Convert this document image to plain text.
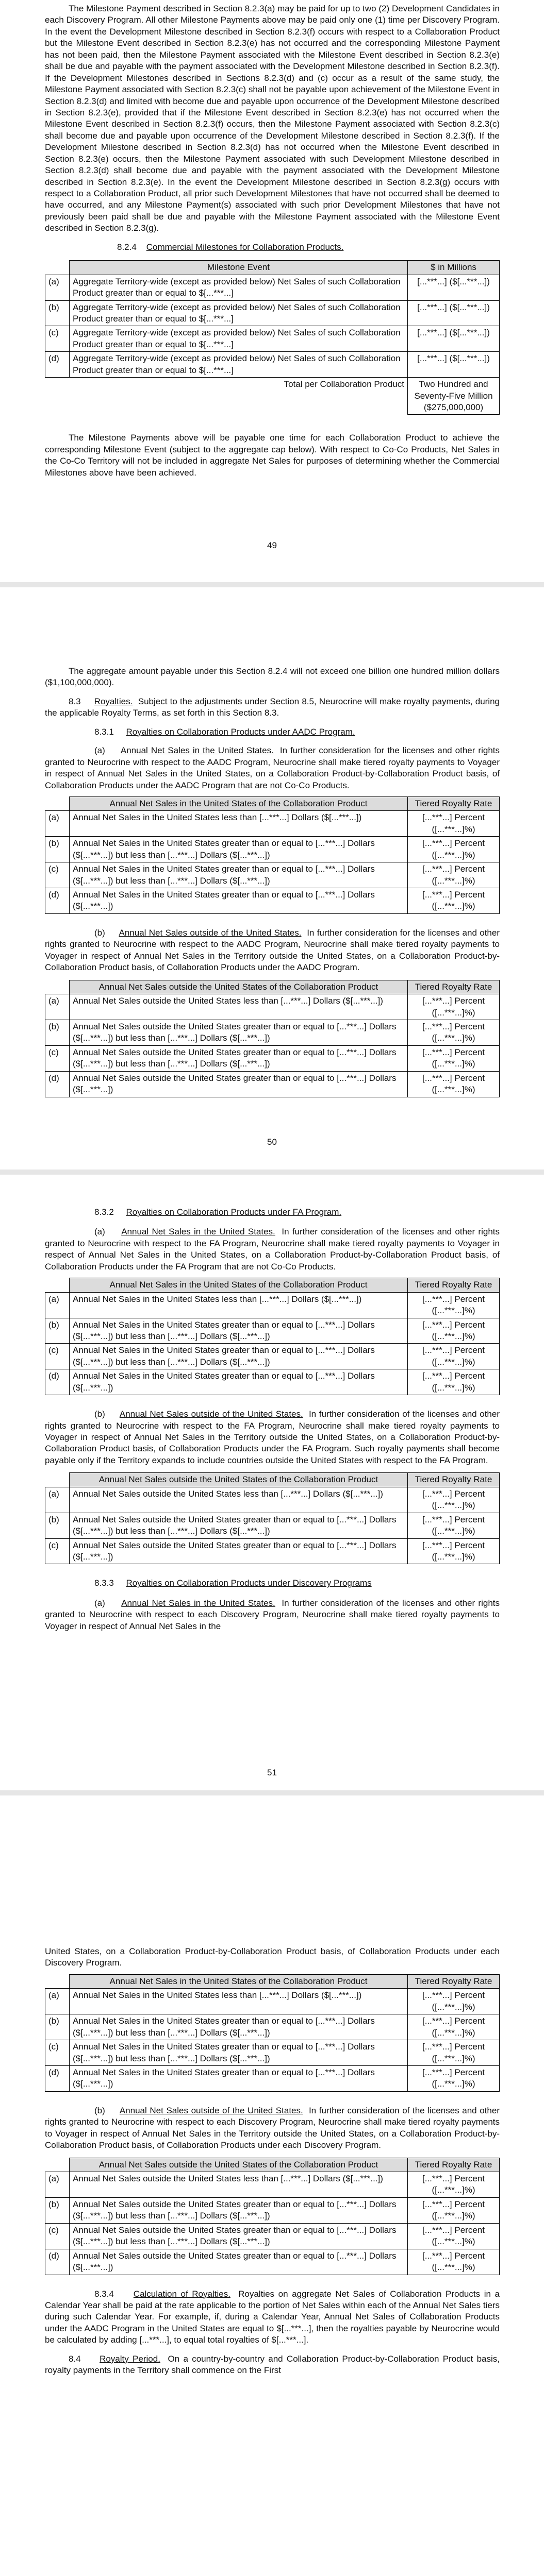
The Milestone Payment described in Section 8.2.3(a) may be paid for up to two (2) Development Candidates in each Discovery Program. All other Milestone Payments above may be paid only one (1) time per Discovery Program. In the event the Development Milestone described in Section 8.2.3(f) occurs with respect to a Collaboration Product but the Milestone Event described in Section 8.2.3(e) has not occurred and the corresponding Milestone Payment has not been paid, then the Milestone Payment associated with the Milestone Event described in Section 8.2.3(e) shall be due and payable with the payment associated with the Development Milestone described in Section 8.2.3(f). If the Development Milestones described in Sections 8.2.3(d) and (c) occur as a result of the same study, the Milestone Payment associated with Section 8.2.3(c) shall not be payable upon achievement of the Milestone Event in Section 8.2.3(d) and limited with become due and payable upon occurrence of the Development Milestone described in Section 8.2.3(e), provided that if the Milestone Event described in Section 8.2.3(e) has not occurred when the Milestone Event described in Section 8.2.3(f) occurs, then the Milestone Payment associated with Section 8.2.3(c) shall become due and payable upon occurrence of the Development Milestone described in Section 8.2.3(f). If the Development Milestone described in Section 8.2.3(d) has not occurred when the Milestone Event described in Section 8.2.3(e) occurs, then the Milestone Payment associated with such Development Milestone described in Section 8.2.3(d) shall become due and payable with the payment associated with the Development Milestone described in Section 8.2.3(e). In the event the Development Milestone described in Section 8.2.3(g) occurs with respect to a Collaboration Product, all prior such Development Milestones that have not occurred shall be deemed to have occurred, and any Milestone Payment(s) associated with such prior Development Milestones that have not previously been paid shall be due and payable with the Milestone Payment associated with the Milestone Event described in Section 8.2.3(g).

8.2.4 Commercial Milestones for Collaboration Products.

	Milestone Event	$ in Millions
(a)	Aggregate Territory-wide (except as provided below) Net Sales of such Collaboration Product greater than or equal to $[...***...]	[...***...] ($[...***...])
(b)	Aggregate Territory-wide (except as provided below) Net Sales of such Collaboration Product greater than or equal to $[...***...]	[...***...] ($[...***...])
(c)	Aggregate Territory-wide (except as provided below) Net Sales of such Collaboration Product greater than or equal to $[...***...]	[...***...] ($[...***...])
(d)	Aggregate Territory-wide (except as provided below) Net Sales of such Collaboration Product greater than or equal to $[...***...]	[...***...] ($[...***...])
	Total per Collaboration Product	Two Hundred and Seventy-Five Million ($275,000,000)

The Milestone Payments above will be payable one time for each Collaboration Product to achieve the corresponding Milestone Event (subject to the aggregate cap below). With respect to Co-Co Products, Net Sales in the Co-Co Territory will not be included in aggregate Net Sales for purposes of determining whether the Commercial Milestones above have been achieved.

49

The aggregate amount payable under this Section 8.2.4 will not exceed one billion one hundred million dollars ($1,100,000,000).

8.3 Royalties. Subject to the adjustments under Section 8.5, Neurocrine will make royalty payments, during the applicable Royalty Terms, as set forth in this Section 8.3.

8.3.1 Royalties on Collaboration Products under AADC Program.

(a) Annual Net Sales in the United States. In further consideration for the licenses and other rights granted to Neurocrine with respect to the AADC Program, Neurocrine shall make tiered royalty payments to Voyager in respect of Annual Net Sales in the United States, on a Collaboration Product-by-Collaboration Product basis, of Collaboration Products under the AADC Program that are not Co-Co Products.

	Annual Net Sales in the United States of the Collaboration Product	Tiered Royalty Rate
(a)	Annual Net Sales in the United States less than [...***...] Dollars ($[...***...])	[...***...] Percent ([...***...]%)
(b)	Annual Net Sales in the United States greater than or equal to [...***...] Dollars ($[...***...]) but less than [...***...] Dollars ($[...***...])	[...***...] Percent ([...***...]%)
(c)	Annual Net Sales in the United States greater than or equal to [...***...] Dollars ($[...***...]) but less than [...***...] Dollars ($[...***...])	[...***...] Percent ([...***...]%)
(d)	Annual Net Sales in the United States greater than or equal to [...***...] Dollars ($[...***...])	[...***...] Percent ([...***...]%)

(b) Annual Net Sales outside of the United States. In further consideration for the licenses and other rights granted to Neurocrine with respect to the AADC Program, Neurocrine shall make tiered royalty payments to Voyager in respect of Annual Net Sales in the Territory outside the United States, on a Collaboration Product-by-Collaboration Product basis, of Collaboration Products under the AADC Program.

	Annual Net Sales outside the United States of the Collaboration Product	Tiered Royalty Rate
(a)	Annual Net Sales outside the United States less than [...***...] Dollars ($[...***...])	[...***...] Percent ([...***...]%)
(b)	Annual Net Sales outside the United States greater than or equal to [...***...] Dollars ($[...***...]) but less than [...***...] Dollars ($[...***...])	[...***...] Percent ([...***...]%)
(c)	Annual Net Sales outside the United States greater than or equal to [...***...] Dollars ($[...***...]) but less than [...***...] Dollars ($[...***...])	[...***...] Percent ([...***...]%)
(d)	Annual Net Sales outside the United States greater than or equal to [...***...] Dollars ($[...***...])	[...***...] Percent ([...***...]%)
50

8.3.2 Royalties on Collaboration Products under FA Program.

(a) Annual Net Sales in the United States. In further consideration of the licenses and other rights granted to Neurocrine with respect to the FA Program, Neurocrine shall make tiered royalty payments to Voyager in respect of Annual Net Sales in the United States, on a Collaboration Product-by-Collaboration Product basis, of Collaboration Products under the FA Program that are not Co-Co Products.

	Annual Net Sales in the United States of the Collaboration Product	Tiered Royalty Rate
(a)	Annual Net Sales in the United States less than [...***...] Dollars ($[...***...])	[...***...] Percent ([...***...]%)
(b)	Annual Net Sales in the United States greater than or equal to [...***...] Dollars ($[...***...]) but less than [...***...] Dollars ($[...***...])	[...***...] Percent ([...***...]%)
(c)	Annual Net Sales in the United States greater than or equal to [...***...] Dollars ($[...***...]) but less than [...***...] Dollars ($[...***...])	[...***...] Percent ([...***...]%)
(d)	Annual Net Sales in the United States greater than or equal to [...***...] Dollars ($[...***...])	[...***...] Percent ([...***...]%)

(b) Annual Net Sales outside of the United States. In further consideration of the licenses and other rights granted to Neurocrine with respect to the FA Program, Neurocrine shall make tiered royalty payments to Voyager in respect of Annual Net Sales in the Territory outside the United States, on a Collaboration Product-by-Collaboration Product basis, of Collaboration Products under the FA Program. Such royalty payments shall become payable only if the Territory expands to include countries outside the United States with respect to the FA Program.

	Annual Net Sales outside the United States of the Collaboration Product	Tiered Royalty Rate
(a)	Annual Net Sales outside the United States less than [...***...] Dollars ($[...***...])	[...***...] Percent ([...***...]%)
(b)	Annual Net Sales outside the United States greater than or equal to [...***...] Dollars ($[...***...]) but less than [...***...] Dollars ($[...***...])	[...***...] Percent ([...***...]%)
(c)	Annual Net Sales outside the United States greater than or equal to [...***...] Dollars ($[...***...])	[...***...] Percent ([...***...]%)

8.3.3 Royalties on Collaboration Products under Discovery Programs

(a) Annual Net Sales in the United States. In further consideration of the licenses and other rights granted to Neurocrine with respect to each Discovery Program, Neurocrine shall make tiered royalty payments to Voyager in respect of Annual Net Sales in the

51

United States, on a Collaboration Product-by-Collaboration Product basis, of Collaboration Products under each Discovery Program.

	Annual Net Sales in the United States of the Collaboration Product	Tiered Royalty Rate
(a)	Annual Net Sales in the United States less than [...***...] Dollars ($[...***...])	[...***...] Percent ([...***...]%)
(b)	Annual Net Sales in the United States greater than or equal to [...***...] Dollars ($[...***...]) but less than [...***...] Dollars ($[...***...])	[...***...] Percent ([...***...]%)
(c)	Annual Net Sales in the United States greater than or equal to [...***...] Dollars ($[...***...]) but less than [...***...] Dollars ($[...***...])	[...***...] Percent ([...***...]%)
(d)	Annual Net Sales in the United States greater than or equal to [...***...] Dollars ($[...***...])	[...***...] Percent ([...***...]%)

(b) Annual Net Sales outside of the United States. In further consideration of the licenses and other rights granted to Neurocrine with respect to each Discovery Program, Neurocrine shall make tiered royalty payments to Voyager in respect of Annual Net Sales in the Territory outside the United States, on a Collaboration Product-by-Collaboration Product basis, of Collaboration Products under each Discovery Program.

	Annual Net Sales outside the United States of the Collaboration Product	Tiered Royalty Rate
(a)	Annual Net Sales outside the United States less than [...***...] Dollars ($[...***...])	[...***...] Percent ([...***...]%)
(b)	Annual Net Sales outside the United States greater than or equal to [...***...] Dollars ($[...***...]) but less than [...***...] Dollars ($[...***...])	[...***...] Percent ([...***...]%)
(c)	Annual Net Sales outside the United States greater than or equal to [...***...] Dollars ($[...***...]) but less than [...***...] Dollars ($[...***...])	[...***...] Percent ([...***...]%)
(d)	Annual Net Sales outside the United States greater than or equal to [...***...] Dollars ($[...***...])	[...***...] Percent ([...***...]%)

8.3.4 Calculation of Royalties. Royalties on aggregate Net Sales of Collaboration Products in a Calendar Year shall be paid at the rate applicable to the portion of Net Sales within each of the Annual Net Sales tiers during such Calendar Year. For example, if, during a Calendar Year, Annual Net Sales of Collaboration Products under the AADC Program in the United States are equal to $[...***...], then the royalties payable by Neurocrine would be calculated by adding [...***...], to equal total royalties of $[...***...].

8.4 Royalty Period. On a country-by-country and Collaboration Product-by-Collaboration Product basis, royalty payments in the Territory shall commence on the First
